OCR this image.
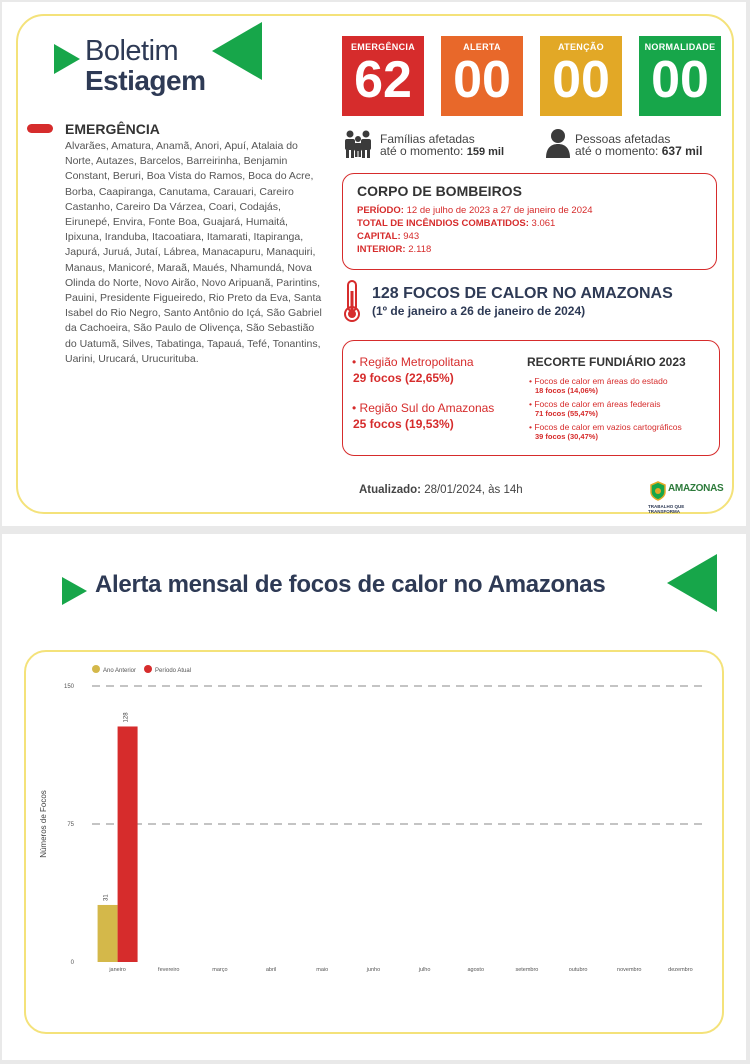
Boletim
Estiagem
EMERGÊNCIA
62
ALERTA
00
ATENÇÃO
00
NORMALIDADE
00
EMERGÊNCIA
Alvarães, Amatura, Anamã, Anori, Apuí, Atalaia do Norte, Autazes, Barcelos, Barreirinha, Benjamin Constant, Beruri, Boa Vista do Ramos, Boca do Acre, Borba, Caapiranga, Canutama, Carauari, Careiro Castanho, Careiro Da Várzea, Coari, Codajás, Eirunepé, Envira, Fonte Boa, Guajará, Humaitá, Ipixuna, Iranduba, Itacoatiara, Itamarati, Itapiranga, Japurá, Juruá, Jutaí, Lábrea, Manacapuru, Manaquiri, Manaus, Manicoré, Maraã, Maués, Nhamundá, Nova Olinda do Norte, Novo Airão, Novo Aripuanã, Parintins, Pauini, Presidente Figueiredo, Rio Preto da Eva, Santa Isabel do Rio Negro, Santo Antônio do Içá, São Gabriel da Cachoeira, São Paulo de Olivença, São Sebastião do Uatumã, Silves, Tabatinga, Tapauá, Tefé, Tonantins, Uarini, Urucará, Urucurituba.
Famílias afetadas
até o momento: 159 mil
Pessoas afetadas
até o momento: 637 mil
CORPO DE BOMBEIROS
PERÍODO: 12 de julho de 2023 a 27 de janeiro de 2024
TOTAL DE INCÊNDIOS COMBATIDOS: 3.061
CAPITAL: 943
INTERIOR: 2.118
128 FOCOS DE CALOR NO AMAZONAS
(1º de janeiro a 26 de janeiro de 2024)
• Região Metropolitana
29 focos (22,65%)
• Região Sul do Amazonas
25 focos (19,53%)
RECORTE FUNDIÁRIO 2023
• Focos de calor em áreas do estado
18 focos (14,06%)
• Focos de calor em áreas federais
71 focos (55,47%)
• Focos de calor em vazios cartográficos
39 focos (30,47%)
Atualizado: 28/01/2024, às 14h	AMAZONAS
TRABALHO QUE TRANSFORMA
Alerta mensal de focos de calor no Amazonas
Ano Anterior	Período Atual
0
75
150
Números de Focos
31
128
janeiro	fevereiro	março	abril	maio	junho	julho	agosto	setembro	outubro	novembro	dezembro
